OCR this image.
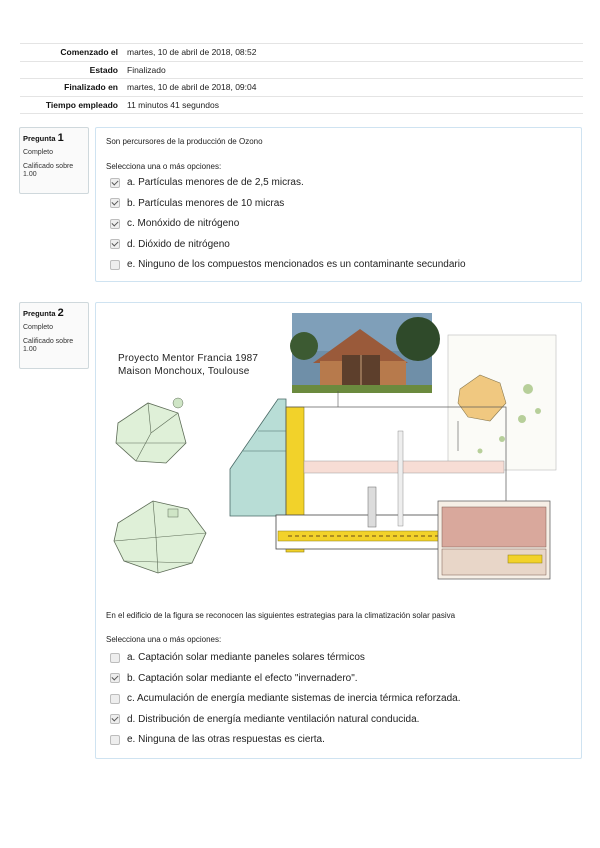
Comenzado el	martes, 10 de abril de 2018, 08:52
Estado	Finalizado
Finalizado en	martes, 10 de abril de 2018, 09:04
Tiempo empleado	11 minutos 41 segundos
Pregunta 1
Completo
Calificado sobre 1.00
Son percursores de la producción de Ozono
Selecciona una o más opciones:
a. Partículas menores de de 2,5 micras.
b. Partículas menores de 10 micras
c. Monóxido de nitrógeno
d. Dióxido de nitrógeno
e. Ninguno de los compuestos mencionados es un contaminante secundario
Pregunta 2
Completo
Calificado sobre 1.00
Proyecto Mentor Francia 1987
Maison Monchoux, Toulouse
En el edificio de la figura se reconocen las siguientes estrategias para la climatización solar pasiva
Selecciona una o más opciones:
a. Captación solar mediante paneles solares térmicos
b. Captación solar mediante el efecto "invernadero".
c. Acumulación de energía mediante sistemas de inercia térmica reforzada.
d. Distribución de energía mediante ventilación natural conducida.
e. Ninguna de las otras respuestas es cierta.
